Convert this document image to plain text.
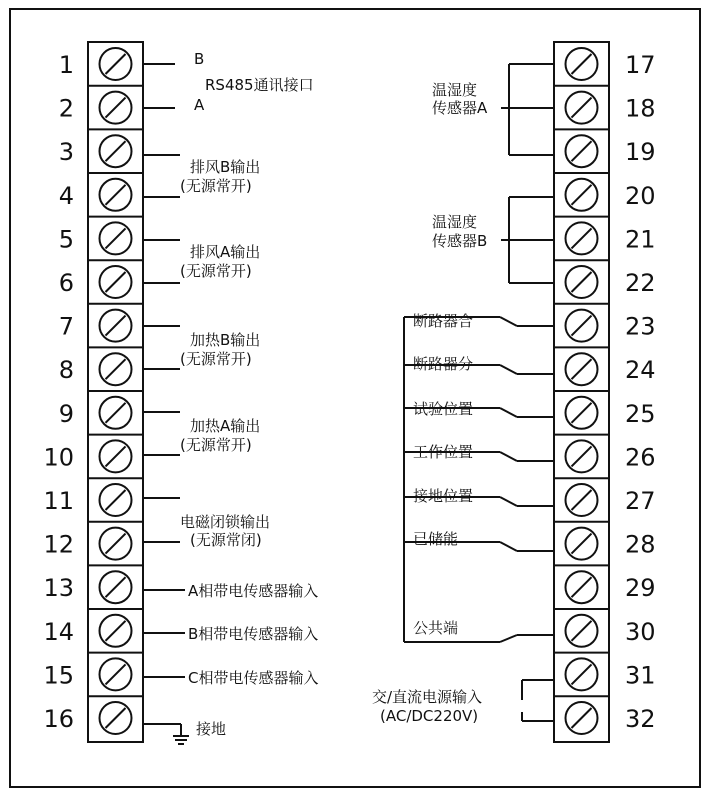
1
2
3
4
5
6
7
8
9
10
11
12
13
14
15
16
17
18
19
20
21
22
23
24
25
26
27
28
29
30
31
32
B
RS485通讯接口
A
排风B输出
(无源常开)
排风A输出
(无源常开)
加热B输出
(无源常开)
加热A输出
(无源常开)
电磁闭锁输出
(无源常闭)
A相带电传感器输入
B相带电传感器输入
C相带电传感器输入
接地
温湿度
传感器A
温湿度
传感器B
断路器合
断路器分
试验位置
工作位置
接地位置
已储能
公共端
交/直流电源输入
(AC/DC220V)
